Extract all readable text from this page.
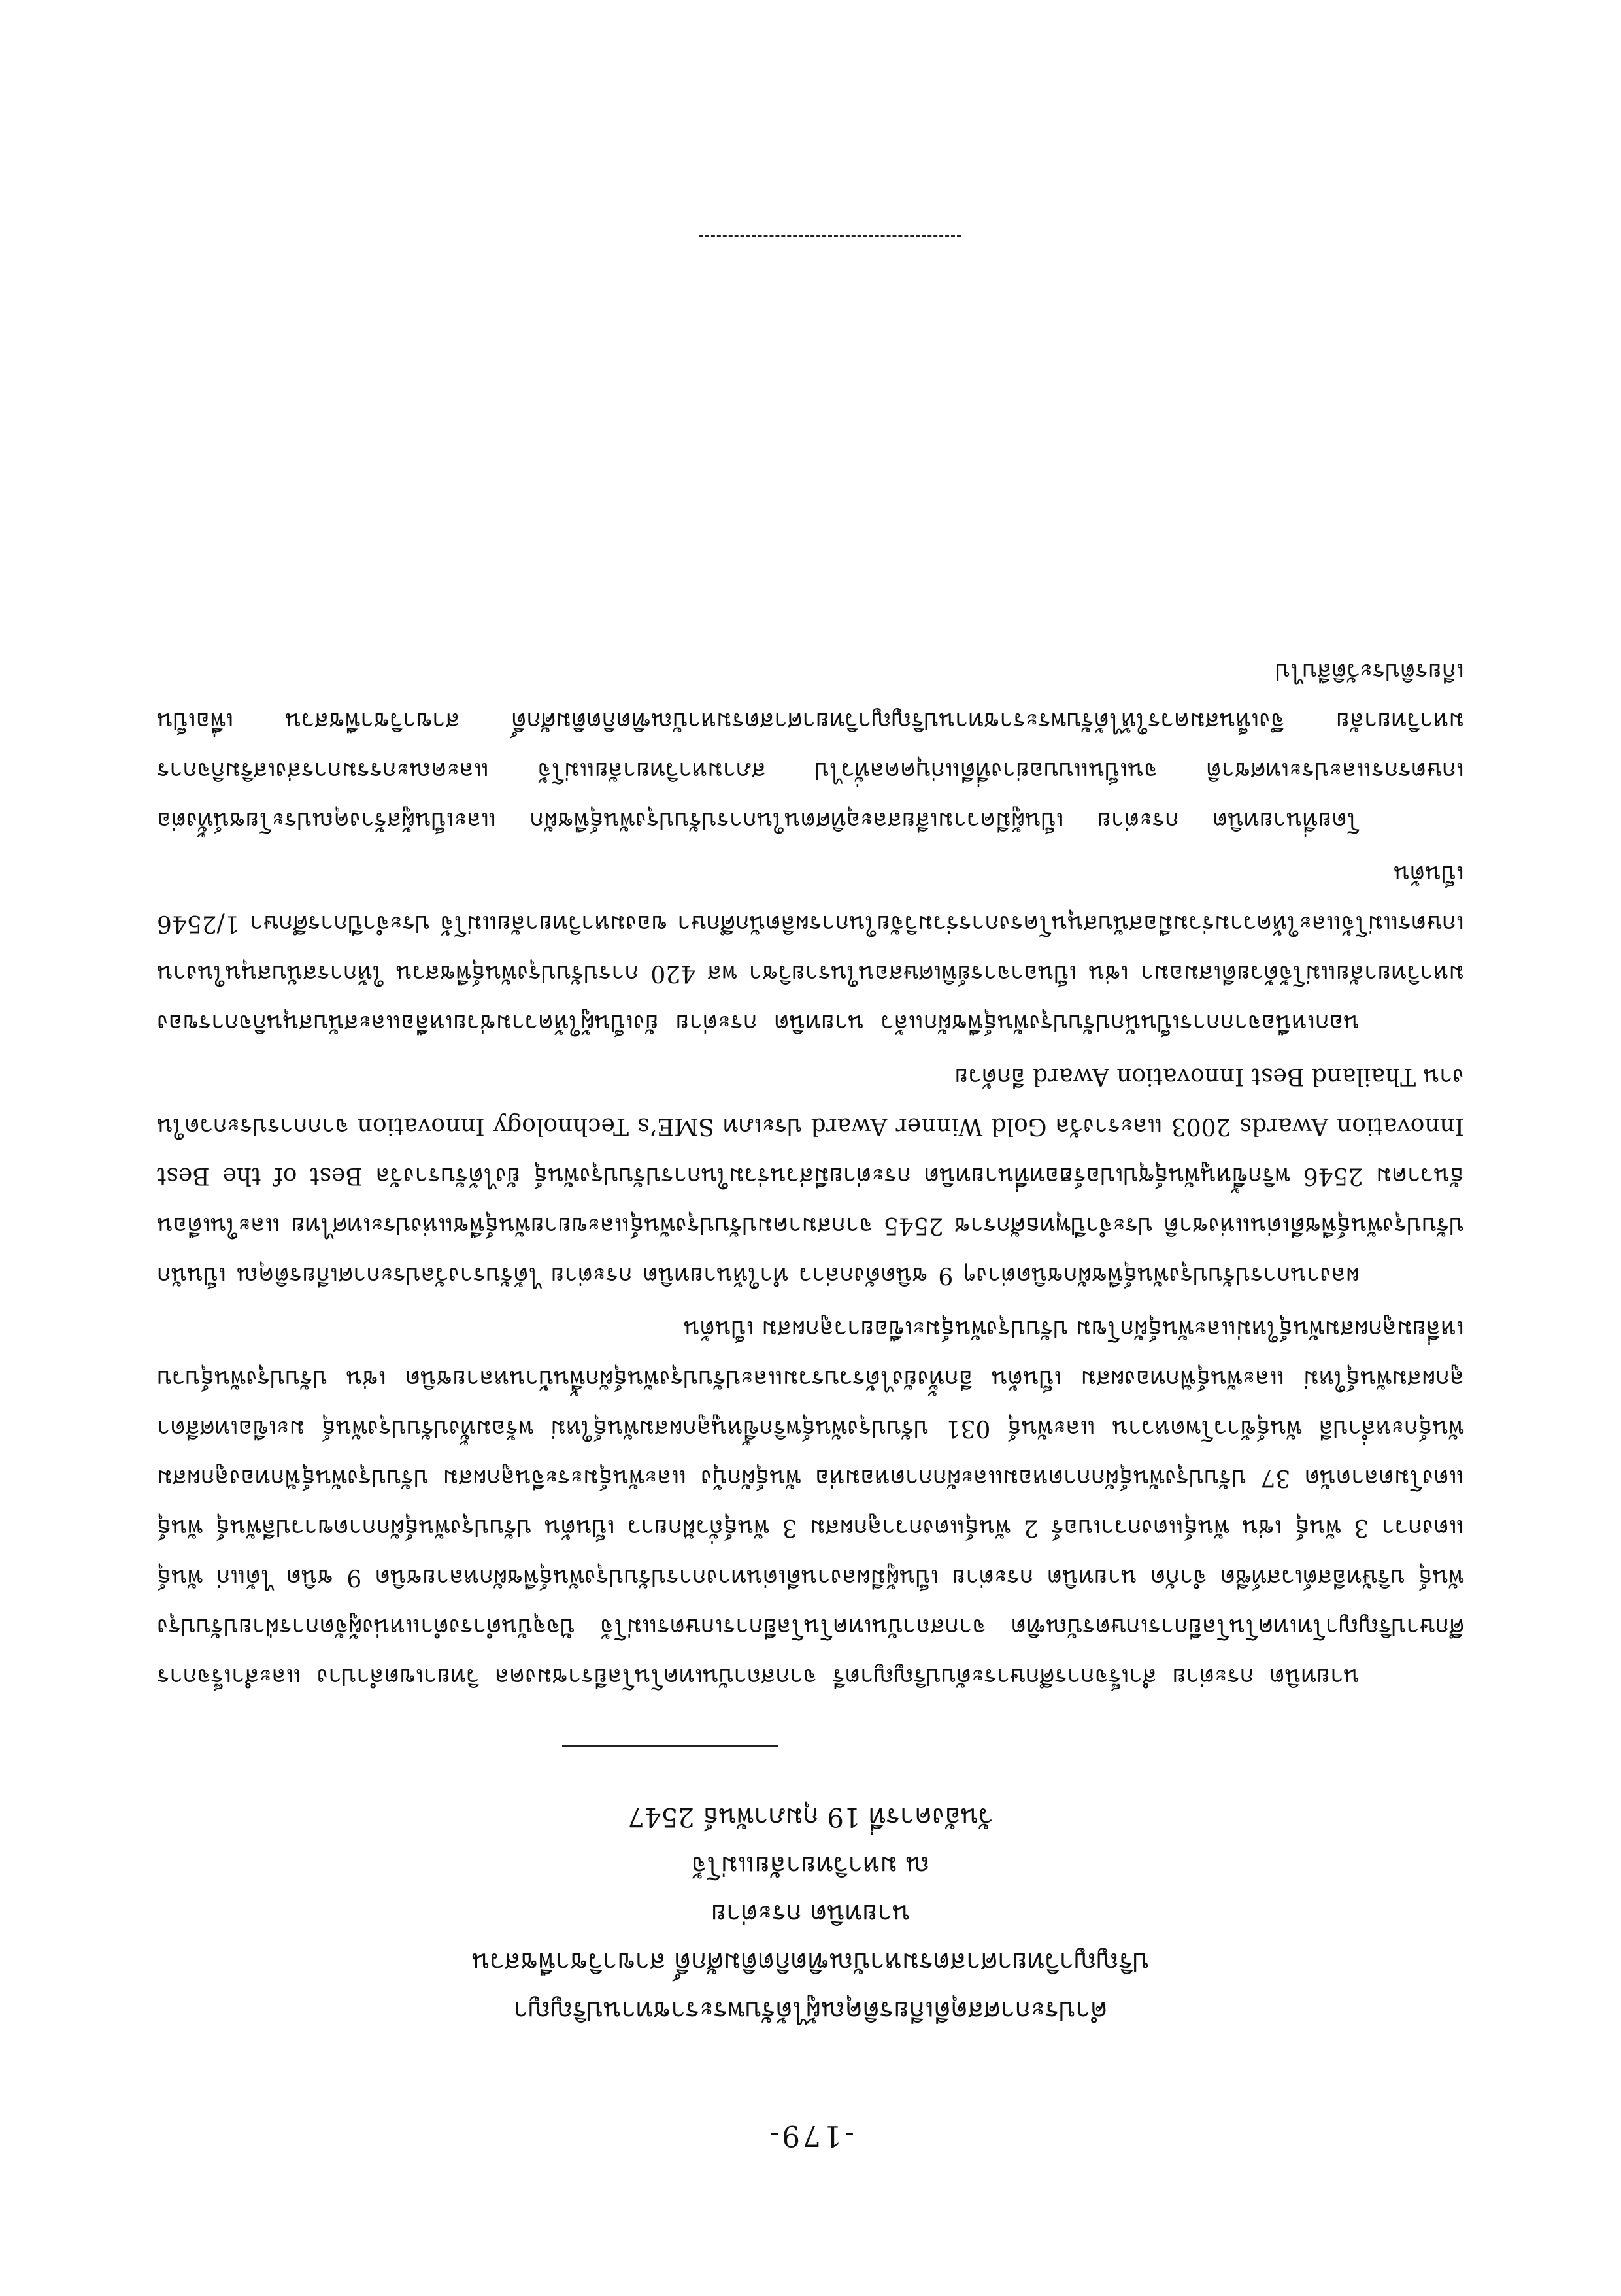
-179-
คำประกาศสดุดีเกียรติคุณผู้ได้รับพระราชทานปริญญา
ปริญญาวิทยาศาสตรมหาบัณฑิตกิตติมศักดิ์ สาขาวิชาพืชสวน
นายทนิต กระต่าย
ณ มหาวิทยาลัยแม่โจ้
วันอังคารที่ 19 กุมภาพันธ์ 2547

นายทนิต กระต่าย สำเร็จการศึกษาระดับปริญญาตรี จากสถาบันเทคโนโลยีราชมงคล วิทยาเขตลำปาง และสำเร็จการศึกษาปริญญาโทเทคโนโลยีการเกษตรบัณฑิต จากสถาบันเทคโนโลยีการเกษตรแม่โจ้ ปัจจุบันดำรงตำแหน่งผู้จัดการฝ่ายปรับปรุงพันธุ์ บริษัทอีสต์เวสท์ซีด จำกัด นายทนิต กระต่าย เป็นผู้มีผลงานดีเด่นทางการปรับปรุงพันธุ์พืชผักหลายชนิด 9 ชนิด ได้แก่ พันธุ์แตงกวา 3 พันธุ์ เช่น พันธุ์แตงกวาเบอร์ 2 พันธุ์แตงกวาลูกผสม 3 พันธุ์ถั่วฝักยาว เป็นต้น ปรับปรุงพันธุ์ผักกาดขาวปลีพันธุ์ พันธุ์แตงโมตลาดนัด 37 ปรับปรุงพันธุ์ผักกาดหอมและผักกาดหอมห่อ พันธุ์ผักบุ้ง และพันธุ์มะระจีนลูกผสม ปรับปรุงพันธุ์ฟักทองลูกผสม พันธุ์กะหล่ำปลี พันธุ์ข้าวโพดหวาน และพันธุ์ 031 ปรับปรุงพันธุ์พริกขี้หนูลูกผสมพันธุ์ใหม่ พร้อมทั้งปรับปรุงพันธุ์ มะเขือเทศสีดาลูกผสมพันธุ์ใหม่ และพันธุ์ฟักทองผสม เป็นต้น อีกทั้งยังได้รวบรวมและปรับปรุงพันธุ์ผักพื้นบ้านหลายชนิด เช่น ปรับปรุงพันธุ์บวบเหลี่ยมลูกผสมพันธุ์ใหม่และพันธุ์ผักโขม ปรับปรุงพันธุ์มะเขือยาวลูกผสม เป็นต้น

ผลงานการปรับปรุงพันธุ์พืชผักชนิดต่างๆ 9 ชนิดดังกล่าว ทำให้นายทนิต กระต่าย ได้รับรางวัลประกาศเกียรติคุณ เป็นนักปรับปรุงพันธุ์พืชดีเด่นแห่งชาติ ประจำปีพุทธศักราช 2545 จากสมาคมปรับปรุงพันธุ์และขยายพันธุ์พืชแห่งประเทศไทย และในเดือนธันวาคม 2546 พริกขี้หนูพันธุ์ซุปเปอร์ฮอทที่นายทนิต กระต่ายมีส่วนร่วมในการปรับปรุงพันธุ์ ยังได้รับรางวัล Best of the Best Innovation Awards 2003 และรางวัล Gold Winner Award ประเภท SME’s Technology Innovation จากการประกวดในงาน Thailand Best Innovation Award อีกด้วย

นอกเหนือจากการเป็นนักปรับปรุงพันธุ์พืชผักแล้ว นายทนิต กระต่าย ยังเป็นผู้ให้ความช่วยเหลือและสนับสนุนกิจการของมหาวิทยาลัยแม่โจ้ด้วยดีเสมอมา เช่น เป็นอาจารย์พิเศษสอนในรายวิชา พส 420 การปรับปรุงพันธุ์พืชสวน ให้การสนับสนุนในงานเกษตรแม่โจ้และให้ความร่วมมือสนับสนุนโครงการร่วมวิจัยในการผลิตนักศึกษา ของมหาวิทยาลัยแม่โจ้ ประจำปีการศึกษา 1/2546 เป็นต้น

โดยที่นายทนิต กระต่าย เป็นผู้มีความเสียสละอุทิศตนในการปรับปรุงพันธุ์พืชผัก และเป็นผู้สร้างคุณประโยชน์ทั้งต่อเกษตรกรและประเทศชาติ จนเป็นแบบอย่างที่ดีแก่บุคคลทั่วไป สภามหาวิทยาลัยแม่โจ้ และคณะกรรมการส่งเสริมกิจการมหาวิทยาลัย จึงเห็นสมควรให้ได้รับพระราชทานปริญญาวิทยาศาสตรมหาบัณฑิตกิตติมศักดิ์ สาขาวิชาพืชสวน เพื่อเป็นเกียรติประวัติสืบไป
